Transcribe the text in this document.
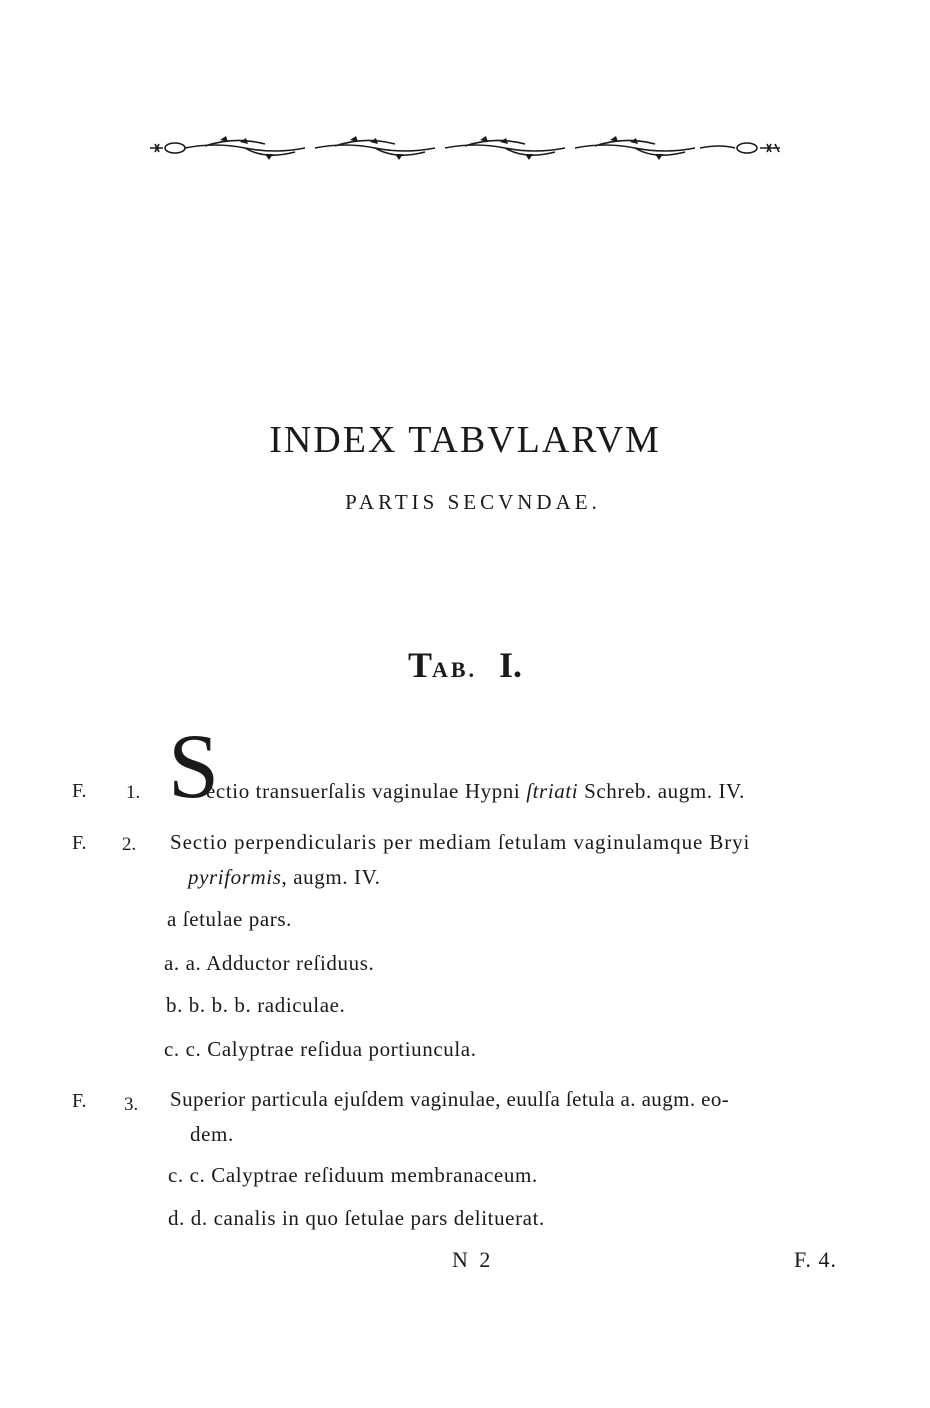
INDEX TABVLARVM
PARTIS SECVNDAE.
TAB. I.
F. 1. S
ectio transuerſalis vaginulae Hypni ſtriati Schreb. augm. IV.
F. 2. Sectio perpendicularis per mediam ſetulam vaginulamque Bryi
pyriformis, augm. IV.
a ſetulae pars.
a. a. Adductor reſiduus.
b. b. b. b. radiculae.
c. c. Calyptrae reſidua portiuncula.
F. 3. Superior particula ejuſdem vaginulae, euulſa ſetula a. augm. eo-
dem.
c. c. Calyptrae reſiduum membranaceum.
d. d. canalis in quo ſetulae pars delituerat.
N 2	F. 4.
